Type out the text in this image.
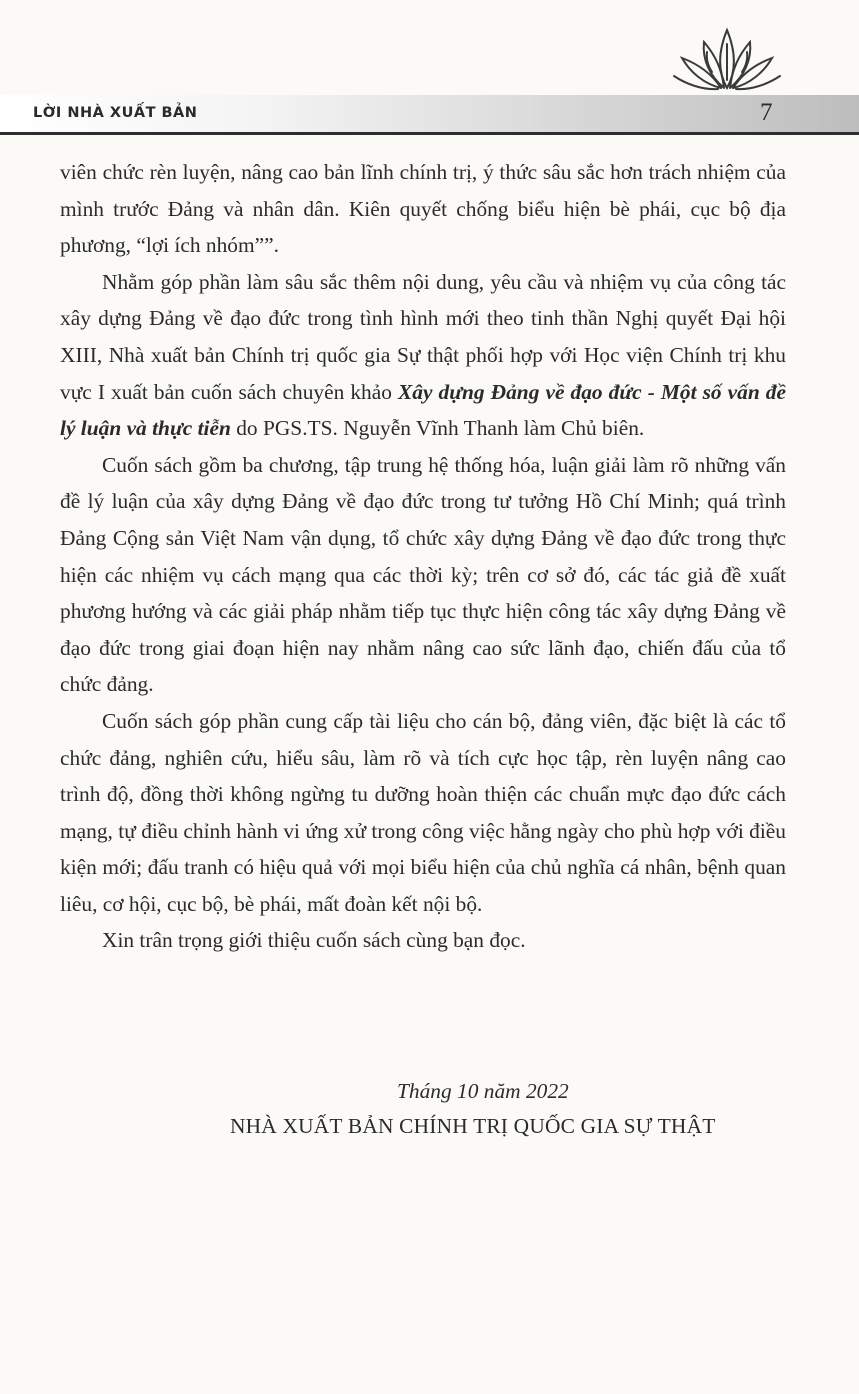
LỜI NHÀ XUẤT BẢN	7

viên chức rèn luyện, nâng cao bản lĩnh chính trị, ý thức sâu sắc hơn trách nhiệm của mình trước Đảng và nhân dân. Kiên quyết chống biểu hiện bè phái, cục bộ địa phương, “lợi ích nhóm””.

Nhằm góp phần làm sâu sắc thêm nội dung, yêu cầu và nhiệm vụ của công tác xây dựng Đảng về đạo đức trong tình hình mới theo tinh thần Nghị quyết Đại hội XIII, Nhà xuất bản Chính trị quốc gia Sự thật phối hợp với Học viện Chính trị khu vực I xuất bản cuốn sách chuyên khảo Xây dựng Đảng về đạo đức - Một số vấn đề lý luận và thực tiễn do PGS.TS. Nguyễn Vĩnh Thanh làm Chủ biên.

Cuốn sách gồm ba chương, tập trung hệ thống hóa, luận giải làm rõ những vấn đề lý luận của xây dựng Đảng về đạo đức trong tư tưởng Hồ Chí Minh; quá trình Đảng Cộng sản Việt Nam vận dụng, tổ chức xây dựng Đảng về đạo đức trong thực hiện các nhiệm vụ cách mạng qua các thời kỳ; trên cơ sở đó, các tác giả đề xuất phương hướng và các giải pháp nhằm tiếp tục thực hiện công tác xây dựng Đảng về đạo đức trong giai đoạn hiện nay nhằm nâng cao sức lãnh đạo, chiến đấu của tổ chức đảng.

Cuốn sách góp phần cung cấp tài liệu cho cán bộ, đảng viên, đặc biệt là các tổ chức đảng, nghiên cứu, hiểu sâu, làm rõ và tích cực học tập, rèn luyện nâng cao trình độ, đồng thời không ngừng tu dưỡng hoàn thiện các chuẩn mực đạo đức cách mạng, tự điều chỉnh hành vi ứng xử trong công việc hằng ngày cho phù hợp với điều kiện mới; đấu tranh có hiệu quả với mọi biểu hiện của chủ nghĩa cá nhân, bệnh quan liêu, cơ hội, cục bộ, bè phái, mất đoàn kết nội bộ.

Xin trân trọng giới thiệu cuốn sách cùng bạn đọc.

Tháng 10 năm 2022
NHÀ XUẤT BẢN CHÍNH TRỊ QUỐC GIA SỰ THẬT
